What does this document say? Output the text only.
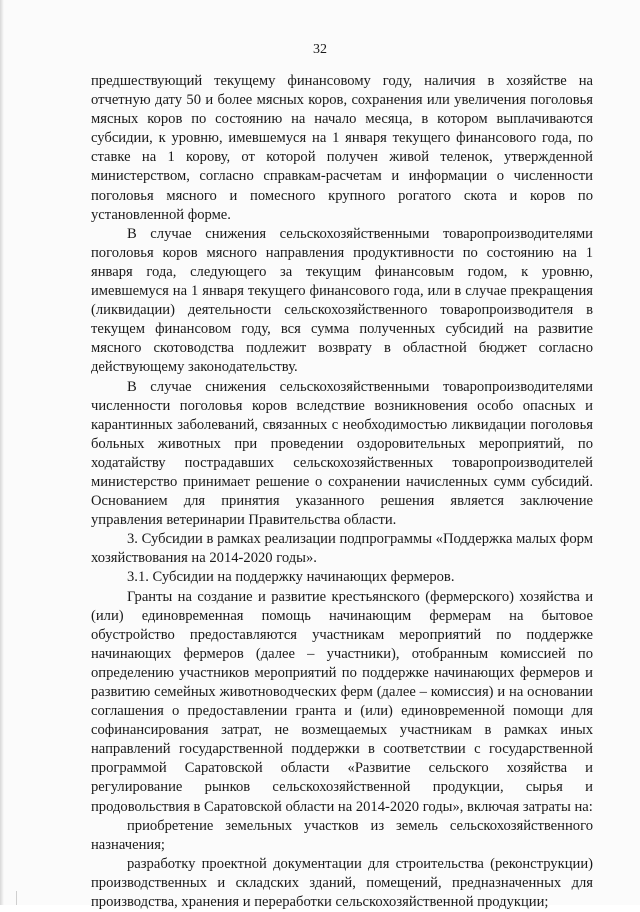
32

предшествующий текущему финансовому году, наличия в хозяйстве на отчетную дату 50 и более мясных коров, сохранения или увеличения поголовья мясных коров по состоянию на начало месяца, в котором выплачиваются субсидии, к уровню, имевшемуся на 1 января текущего финансового года, по ставке на 1 корову, от которой получен живой теленок, утвержденной министерством, согласно справкам-расчетам и информации о численности поголовья мясного и помесного крупного рогатого скота и коров по установленной форме.

В случае снижения сельскохозяйственными товаропроизводителями поголовья коров мясного направления продуктивности по состоянию на 1 января года, следующего за текущим финансовым годом, к уровню, имевшемуся на 1 января текущего финансового года, или в случае прекращения (ликвидации) деятельности сельскохозяйственного товаропроизводителя в текущем финансовом году, вся сумма полученных субсидий на развитие мясного скотоводства подлежит возврату в областной бюджет согласно действующему законодательству.

В случае снижения сельскохозяйственными товаропроизводителями численности поголовья коров вследствие возникновения особо опасных и карантинных заболеваний, связанных с необходимостью ликвидации поголовья больных животных при проведении оздоровительных мероприятий, по ходатайству пострадавших сельскохозяйственных товаропроизводителей министерство принимает решение о сохранении начисленных сумм субсидий. Основанием для принятия указанного решения является заключение управления ветеринарии Правительства области.

3. Субсидии в рамках реализации подпрограммы «Поддержка малых форм хозяйствования на 2014-2020 годы».

3.1. Субсидии на поддержку начинающих фермеров.

Гранты на создание и развитие крестьянского (фермерского) хозяйства и (или) единовременная помощь начинающим фермерам на бытовое обустройство предоставляются участникам мероприятий по поддержке начинающих фермеров (далее – участники), отобранным комиссией по определению участников мероприятий по поддержке начинающих фермеров и развитию семейных животноводческих ферм (далее – комиссия) и на основании соглашения о предоставлении гранта и (или) единовременной помощи для софинансирования затрат, не возмещаемых участникам в рамках иных направлений государственной поддержки в соответствии с государственной программой Саратовской области «Развитие сельского хозяйства и регулирование рынков сельскохозяйственной продукции, сырья и продовольствия в Саратовской области на 2014-2020 годы», включая затраты на:

приобретение земельных участков из земель сельскохозяйственного назначения;

разработку проектной документации для строительства (реконструкции) производственных и складских зданий, помещений, предназначенных для производства, хранения и переработки сельскохозяйственной продукции;
